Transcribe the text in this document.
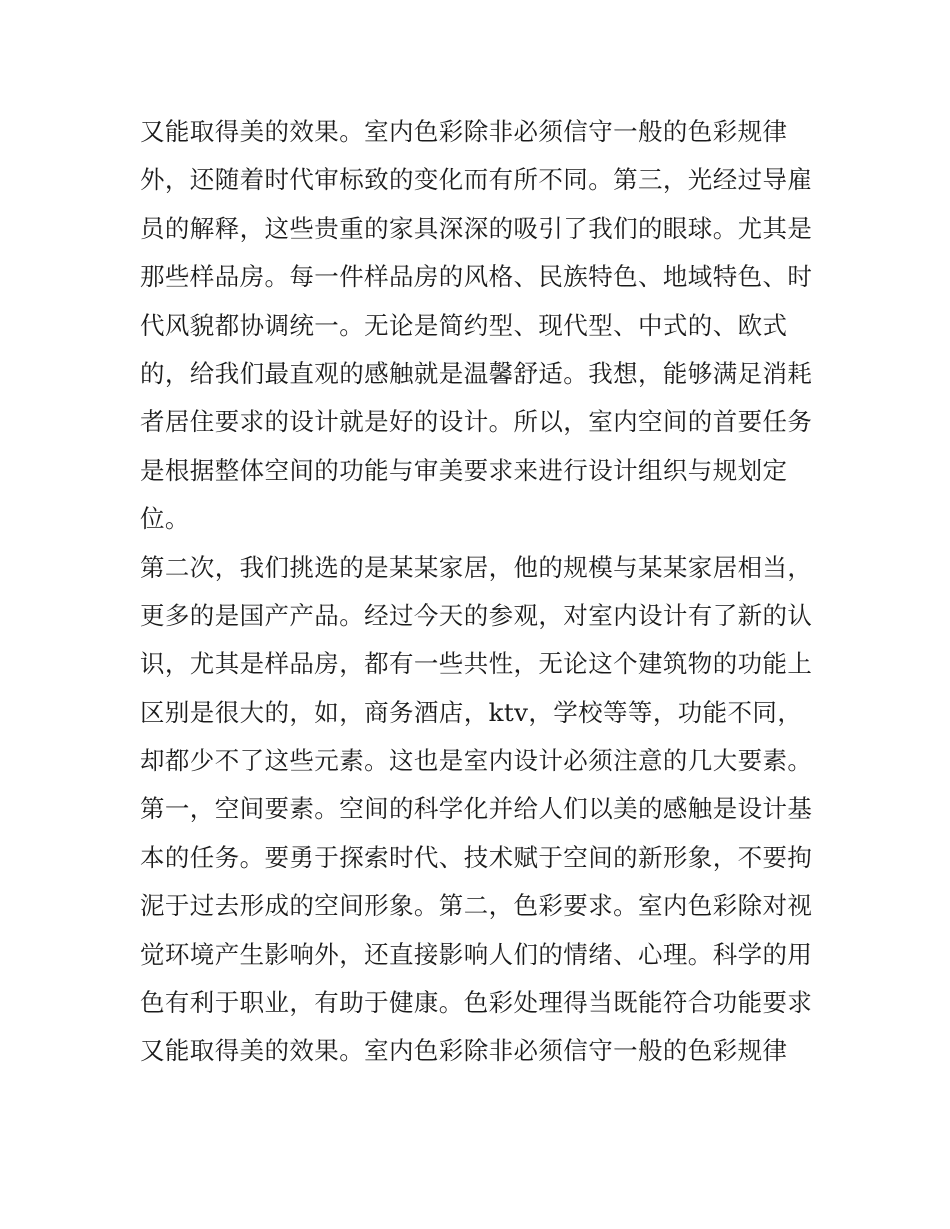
又能取得美的效果。室内色彩除非必须信守一般的色彩规律
外，还随着时代审标致的变化而有所不同。第三，光经过导雇
员的解释，这些贵重的家具深深的吸引了我们的眼球。尤其是
那些样品房。每一件样品房的风格、民族特色、地域特色、时
代风貌都协调统一。无论是简约型、现代型、中式的、欧式
的，给我们最直观的感触就是温馨舒适。我想，能够满足消耗
者居住要求的设计就是好的设计。所以，室内空间的首要任务
是根据整体空间的功能与审美要求来进行设计组织与规划定
位。
第二次，我们挑选的是某某家居，他的规模与某某家居相当，
更多的是国产产品。经过今天的参观，对室内设计有了新的认
识，尤其是样品房，都有一些共性，无论这个建筑物的功能上
区别是很大的，如，商务酒店，ktv，学校等等，功能不同，
却都少不了这些元素。这也是室内设计必须注意的几大要素。
第一，空间要素。空间的科学化并给人们以美的感触是设计基
本的任务。要勇于探索时代、技术赋于空间的新形象，不要拘
泥于过去形成的空间形象。第二，色彩要求。室内色彩除对视
觉环境产生影响外，还直接影响人们的情绪、心理。科学的用
色有利于职业，有助于健康。色彩处理得当既能符合功能要求
又能取得美的效果。室内色彩除非必须信守一般的色彩规律
